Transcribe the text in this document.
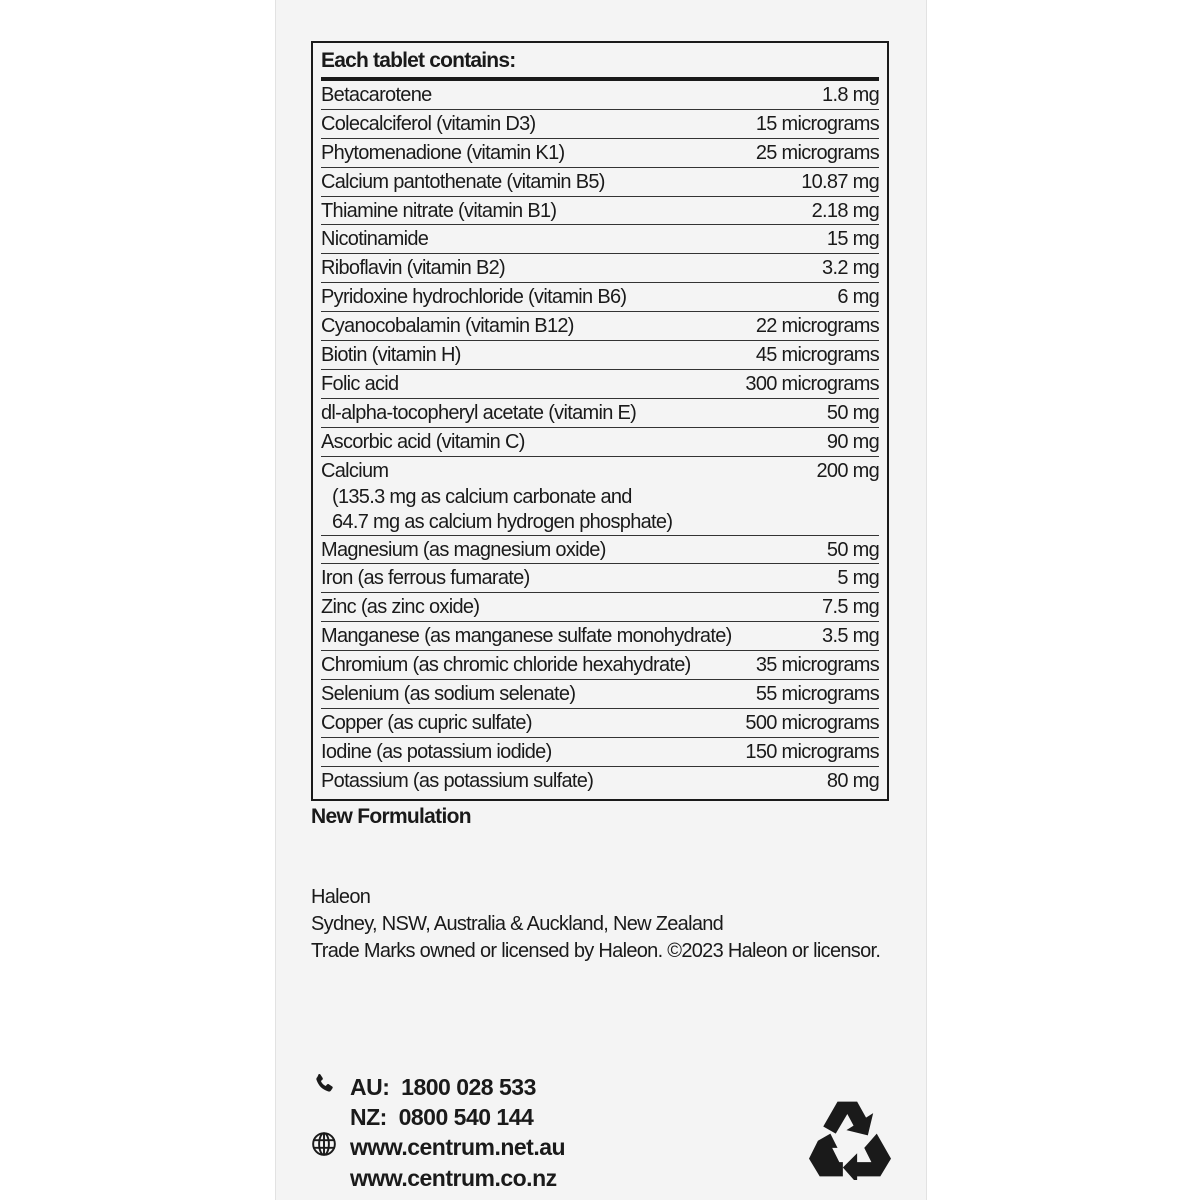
Each tablet contains:
Betacarotene	1.8 mg
Colecalciferol (vitamin D3)	15 micrograms
Phytomenadione (vitamin K1)	25 micrograms
Calcium pantothenate (vitamin B5)	10.87 mg
Thiamine nitrate (vitamin B1)	2.18 mg
Nicotinamide	15 mg
Riboflavin (vitamin B2)	3.2 mg
Pyridoxine hydrochloride (vitamin B6)	6 mg
Cyanocobalamin (vitamin B12)	22 micrograms
Biotin (vitamin H)	45 micrograms
Folic acid	300 micrograms
dl-alpha-tocopheryl acetate (vitamin E)	50 mg
Ascorbic acid (vitamin C)	90 mg
Calcium	200 mg
(135.3 mg as calcium carbonate and
64.7 mg as calcium hydrogen phosphate)
Magnesium (as magnesium oxide)	50 mg
Iron (as ferrous fumarate)	5 mg
Zinc (as zinc oxide)	7.5 mg
Manganese (as manganese sulfate monohydrate)	3.5 mg
Chromium (as chromic chloride hexahydrate)	35 micrograms
Selenium (as sodium selenate)	55 micrograms
Copper (as cupric sulfate)	500 micrograms
Iodine (as potassium iodide)	150 micrograms
Potassium (as potassium sulfate)	80 mg
New Formulation
Haleon
Sydney, NSW, Australia & Auckland, New Zealand
Trade Marks owned or licensed by Haleon. ©2023 Haleon or licensor.
AU:  1800 028 533
NZ:  0800 540 144
www.centrum.net.au
www.centrum.co.nz
